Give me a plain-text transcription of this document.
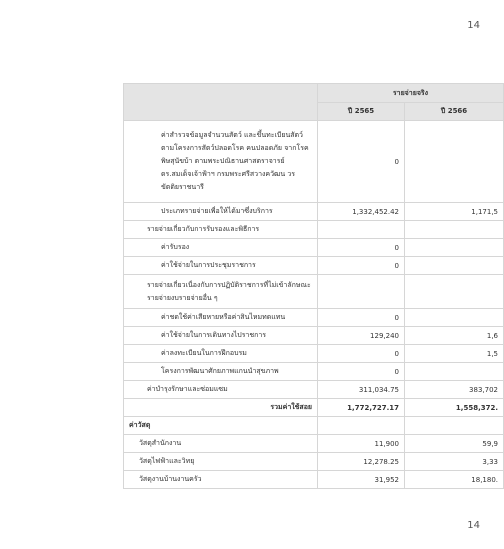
14
	รายจ่ายจริง	
	ปี 2565	ปี 2566
ค่าสำรวจข้อมูลจำนวนสัตว์ และขึ้นทะเบียนสัตว์ตามโครงการสัตว์ปลอดโรค คนปลอดภัย จากโรคพิษสุนัขบ้า ตามพระปณิธานศาสตราจารย์ ดร.สมเด็จเจ้าฟ้าฯ กรมพระศรีสวางควัฒน วรขัตติยราชนารี	0	
ประเภทรายจ่ายเพื่อให้ได้มาซึ่งบริการ	1,332,452.42	1,171,5
รายจ่ายเกี่ยวกับการรับรองและพิธีการ		
ค่ารับรอง	0	
ค่าใช้จ่ายในการประชุมราชการ	0	
รายจ่ายเกี่ยวเนื่องกับการปฏิบัติราชการที่ไม่เข้าลักษณะรายจ่ายงบรายจ่ายอื่น ๆ		
ค่าชดใช้ค่าเสียหายหรือค่าสินไหมทดแทน	0	
ค่าใช้จ่ายในการเดินทางไปราชการ	129,240	1,6
ค่าลงทะเบียนในการฝึกอบรม	0	1,5
โครงการพัฒนาศักยภาพแกนนำสุขภาพ	0	
ค่าบำรุงรักษาและซ่อมแซม	311,034.75	383,702
รวมค่าใช้สอย	1,772,727.17	1,558,372.
ค่าวัสดุ		
วัสดุสำนักงาน	11,900	59,9
วัสดุไฟฟ้าและวิทยุ	12,278.25	3,33
วัสดุงานบ้านงานครัว	31,952	18,180.
14
